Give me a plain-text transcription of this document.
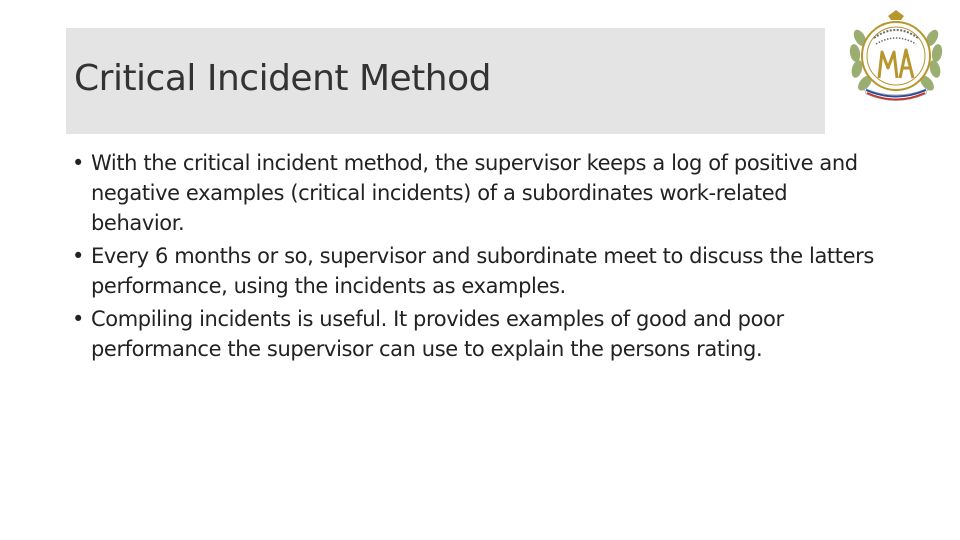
Critical Incident Method
• With the critical incident method, the supervisor keeps a log of positive and negative examples (critical incidents) of a subordinates work-related behavior.
• Every 6 months or so, supervisor and subordinate meet to discuss the latters performance, using the incidents as examples.
• Compiling incidents is useful. It provides examples of good and poor performance the supervisor can use to explain the persons rating.
